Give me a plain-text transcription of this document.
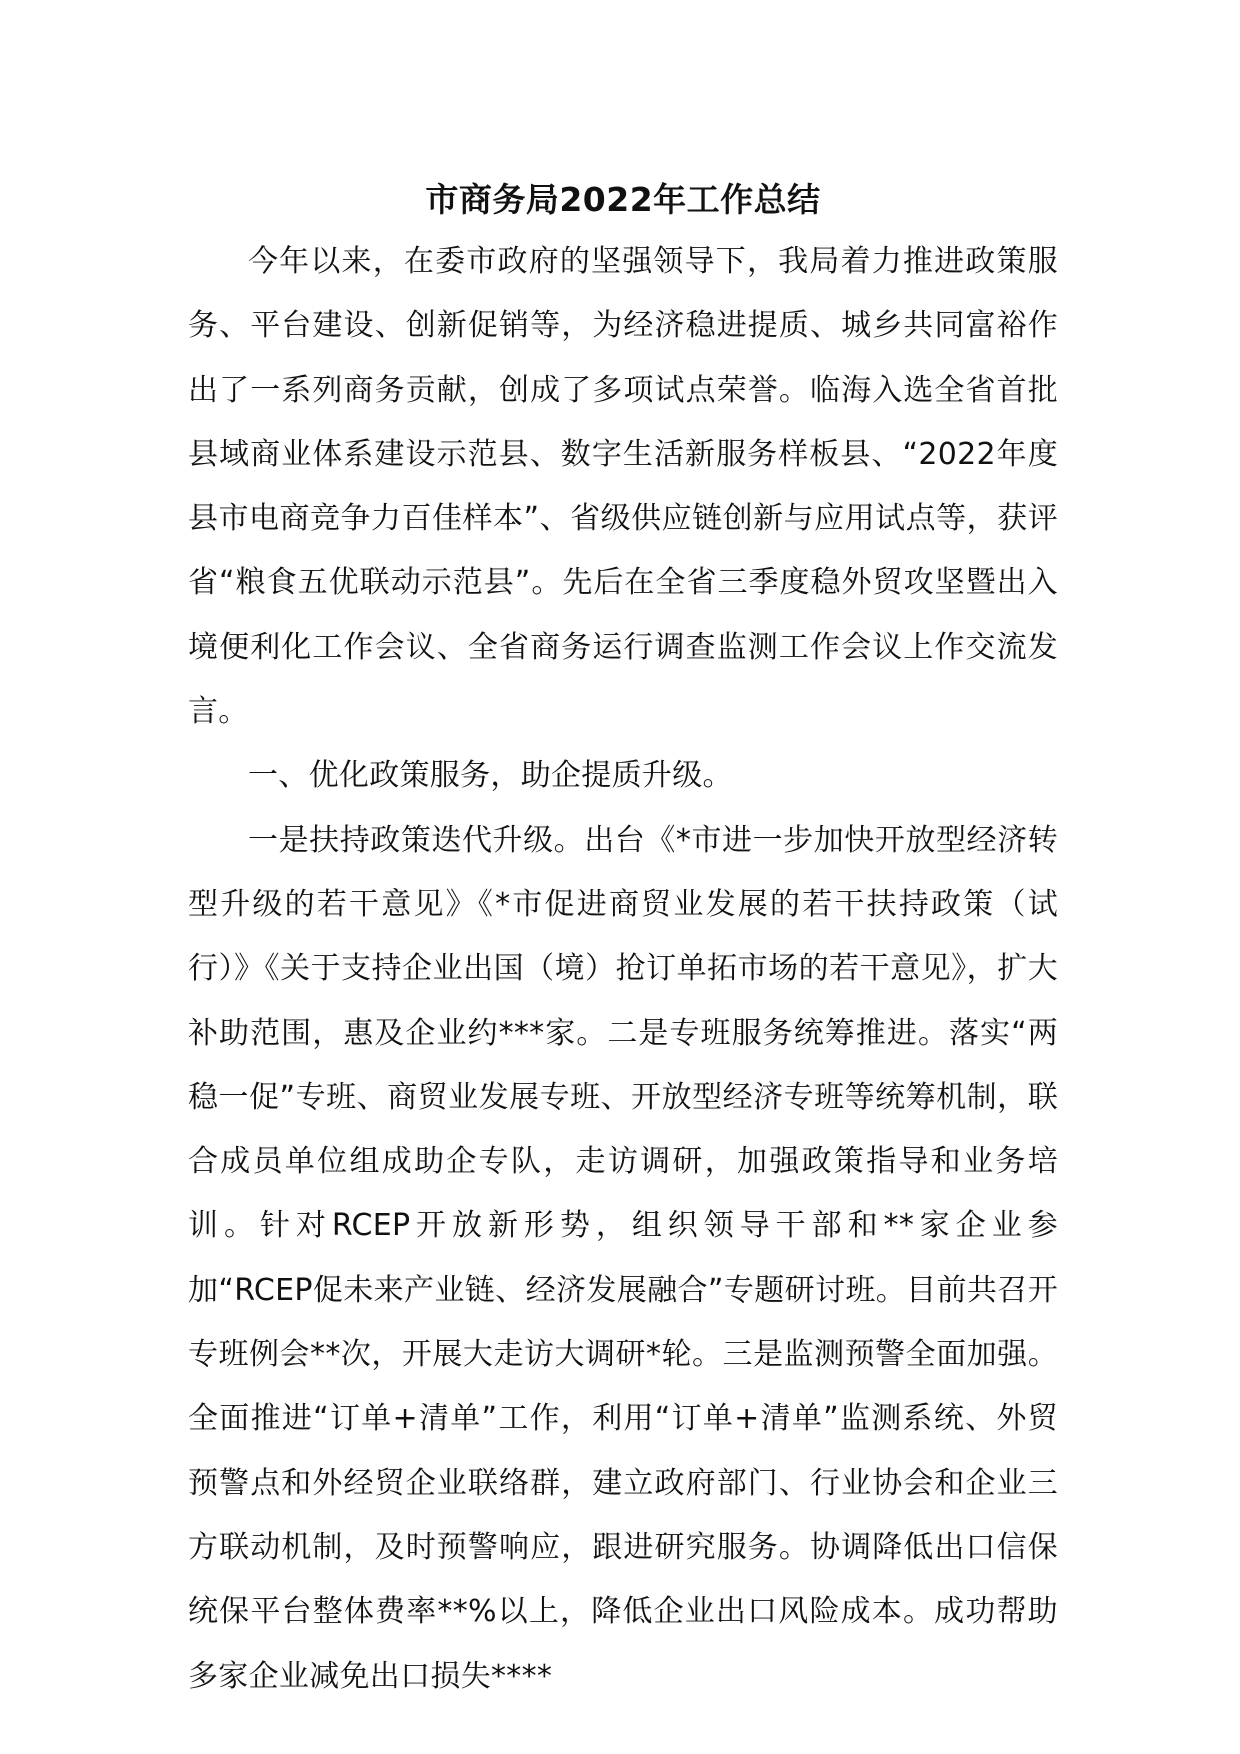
市商务局2022年工作总结

今年以来，在委市政府的坚强领导下，我局着力推进政策服务、平台建设、创新促销等，为经济稳进提质、城乡共同富裕作出了一系列商务贡献，创成了多项试点荣誉。临海入选全省首批县域商业体系建设示范县、数字生活新服务样板县、“2022年度县市电商竞争力百佳样本”、省级供应链创新与应用试点等，获评省“粮食五优联动示范县”。先后在全省三季度稳外贸攻坚暨出入境便利化工作会议、全省商务运行调查监测工作会议上作交流发言。

一、优化政策服务，助企提质升级。

一是扶持政策迭代升级。出台《*市进一步加快开放型经济转型升级的若干意见》《*市促进商贸业发展的若干扶持政策（试行）》《关于支持企业出国（境）抢订单拓市场的若干意见》，扩大补助范围，惠及企业约***家。二是专班服务统筹推进。落实“两稳一促”专班、商贸业发展专班、开放型经济专班等统筹机制，联合成员单位组成助企专队，走访调研，加强政策指导和业务培训。针对RCEP开放新形势，组织领导干部和**家企业参加“RCEP促未来产业链、经济发展融合”专题研讨班。目前共召开专班例会**次，开展大走访大调研*轮。三是监测预警全面加强。全面推进“订单+清单”工作，利用“订单+清单”监测系统、外贸预警点和外经贸企业联络群，建立政府部门、行业协会和企业三方联动机制，及时预警响应，跟进研究服务。协调降低出口信保统保平台整体费率**%以上，降低企业出口风险成本。成功帮助多家企业减免出口损失****
